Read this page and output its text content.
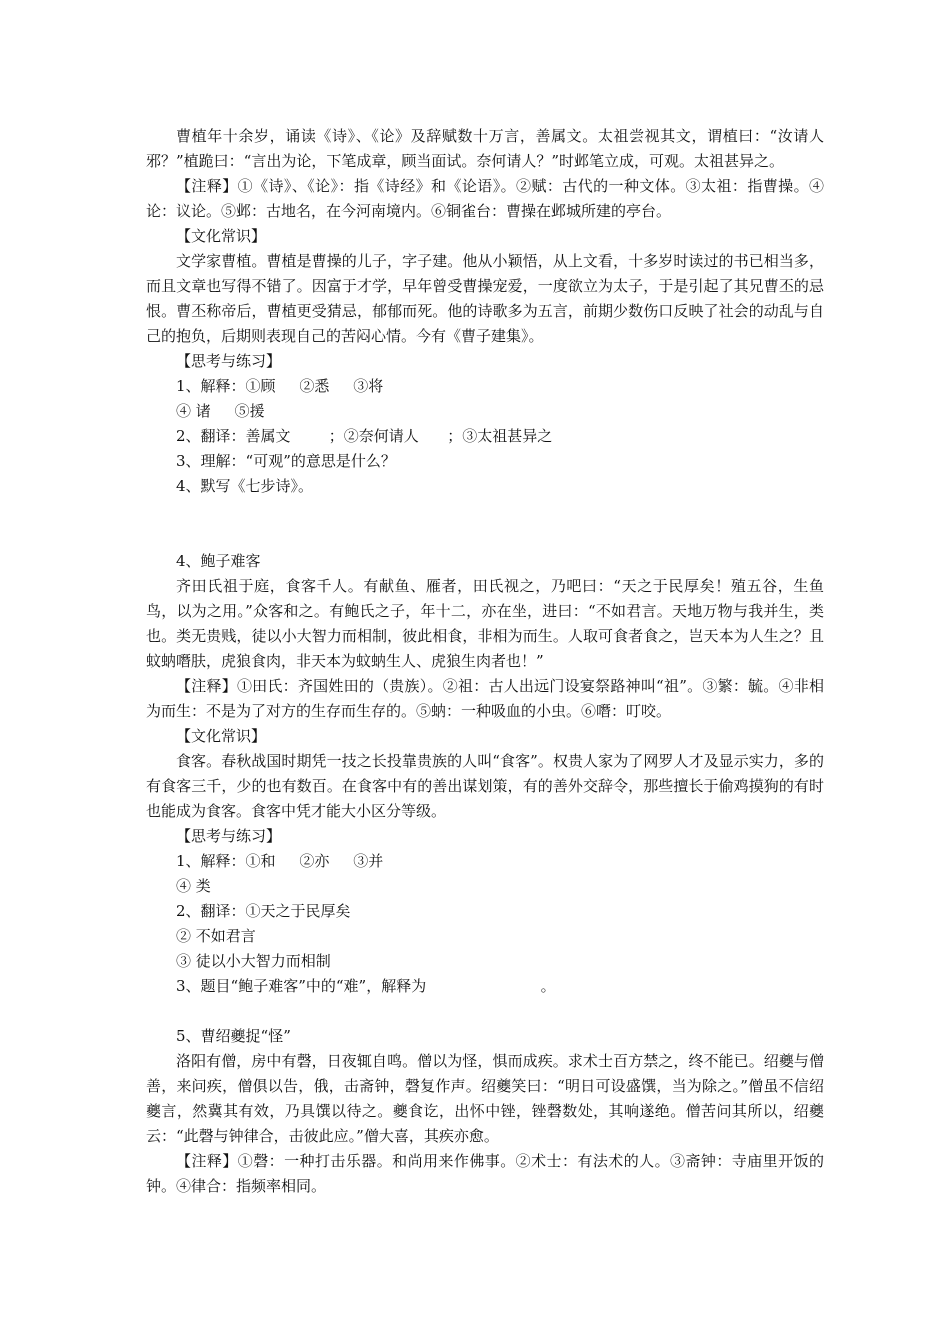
曹植年十余岁，诵读《诗》、《论》及辞赋数十万言，善属文。太祖尝视其文，谓植曰：“汝请人邪？”植跪曰：“言出为论，下笔成章，顾当面试。奈何请人？”时邺笔立成，可观。太祖甚异之。

【注释】①《诗》、《论》：指《诗经》和《论语》。②赋：古代的一种文体。③太祖：指曹操。④论：议论。⑤邺：古地名，在今河南境内。⑥铜雀台：曹操在邺城所建的亭台。

【文化常识】

文学家曹植。曹植是曹操的儿子，字子建。他从小颖悟，从上文看，十多岁时读过的书已相当多，而且文章也写得不错了。因富于才学，早年曾受曹操宠爱，一度欲立为太子，于是引起了其兄曹丕的忌恨。曹丕称帝后，曹植更受猜忌，郁郁而死。他的诗歌多为五言，前期少数伤口反映了社会的动乱与自己的抱负，后期则表现自己的苦闷心情。今有《曹子建集》。

【思考与练习】

1、解释：①顾     ②悉     ③将

④ 诸     ⑤援

2、翻译：善属文        ；②奈何请人      ；③太祖甚异之

3、理解：“可观”的意思是什么？

4、默写《七步诗》。

4、鲍子难客

齐田氏祖于庭，食客千人。有献鱼、雁者，田氏视之，乃吧曰：“天之于民厚矣！殖五谷，生鱼鸟，以为之用。”众客和之。有鲍氏之子，年十二，亦在坐，进曰：“不如君言。天地万物与我并生，类也。类无贵贱，徒以小大智力而相制，彼此相食，非相为而生。人取可食者食之，岂天本为人生之？且蚊蚋噆肤，虎狼食肉，非天本为蚊蚋生人、虎狼生肉者也！”

【注释】①田氏：齐国姓田的（贵族）。②祖：古人出远门设宴祭路神叫“祖”。③繁：毓。④非相为而生：不是为了对方的生存而生存的。⑤蚋：一种吸血的小虫。⑥噆：叮咬。

【文化常识】

食客。春秋战国时期凭一技之长投靠贵族的人叫“食客”。权贵人家为了网罗人才及显示实力，多的有食客三千，少的也有数百。在食客中有的善出谋划策，有的善外交辞令，那些擅长于偷鸡摸狗的有时也能成为食客。食客中凭才能大小区分等级。

【思考与练习】

1、解释：①和     ②亦     ③并

④ 类

2、翻译：①天之于民厚矣

② 不如君言

③ 徒以小大智力而相制

3、题目“鲍子难客”中的“难”，解释为                        。

5、曹绍夔捉“怪”

洛阳有僧，房中有磬，日夜辄自鸣。僧以为怪，惧而成疾。求术士百方禁之，终不能已。绍夔与僧善，来问疾，僧俱以告，俄，击斋钟，磬复作声。绍夔笑曰：“明日可设盛馔，当为除之。”僧虽不信绍夔言，然冀其有效，乃具馔以待之。夔食讫，出怀中锉，锉磬数处，其响遂绝。僧苦问其所以，绍夔云：“此磬与钟律合，击彼此应。”僧大喜，其疾亦愈。

【注释】①磬：一种打击乐器。和尚用来作佛事。②术士：有法术的人。③斋钟：寺庙里开饭的钟。④律合：指频率相同。
